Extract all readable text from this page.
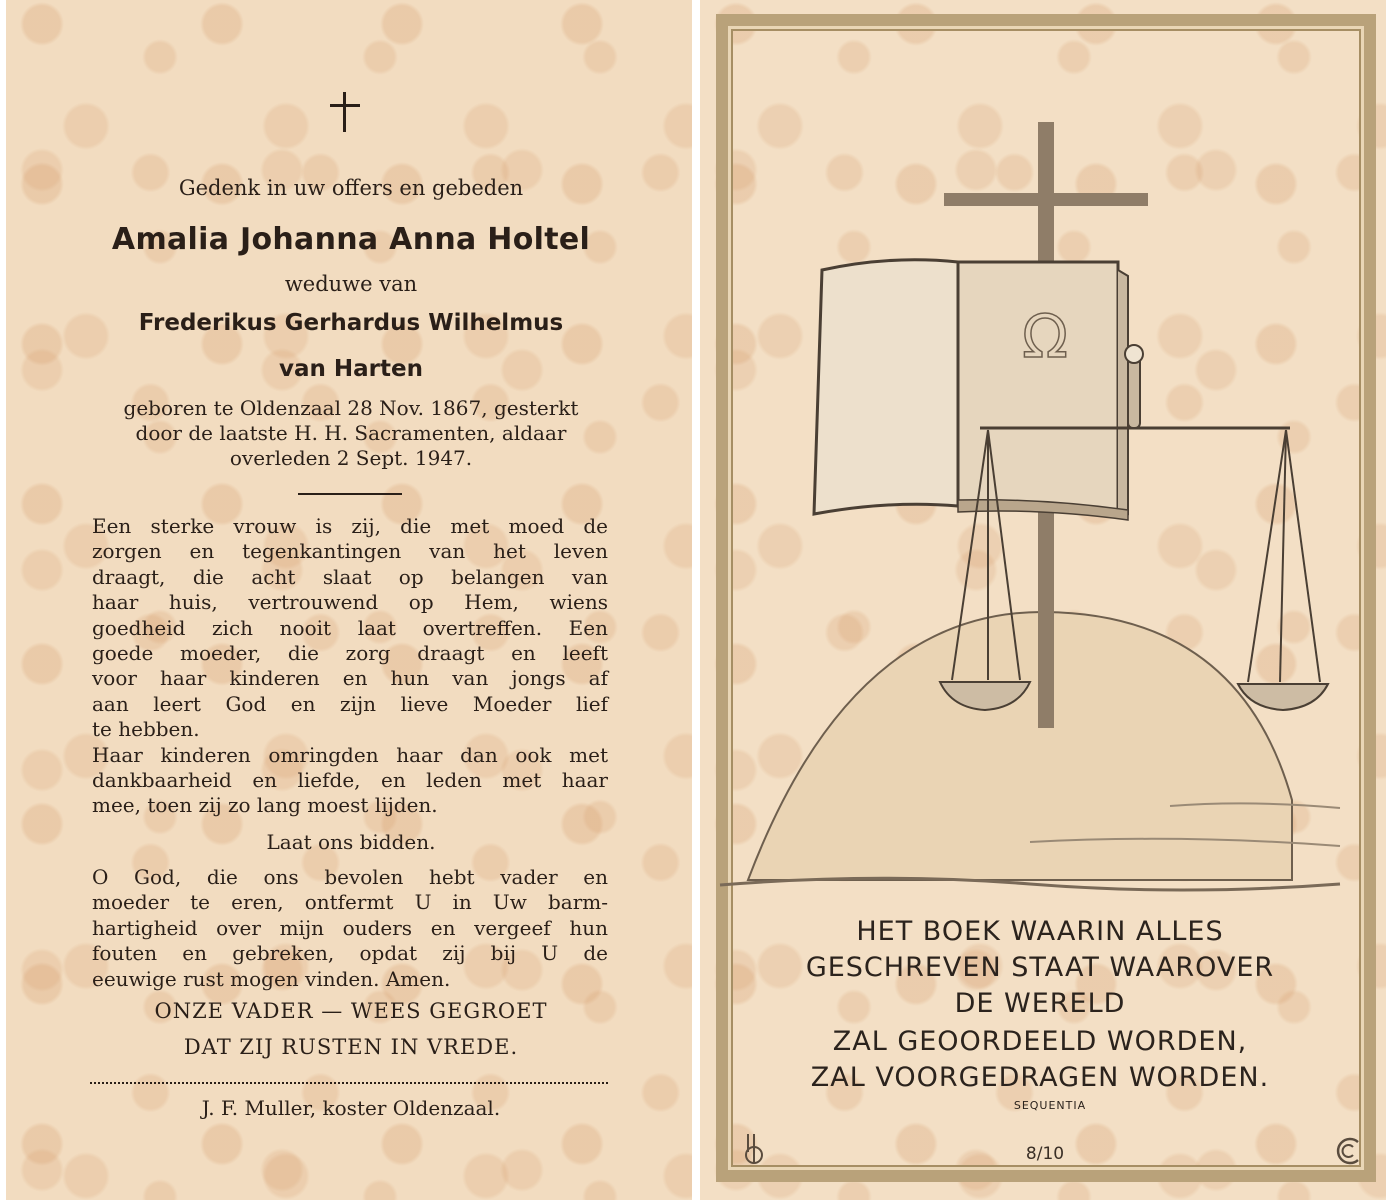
Gedenk in uw offers en gebeden
Amalia Johanna Anna Holtel
weduwe van
Frederikus Gerhardus Wilhelmus
van Harten
geboren te Oldenzaal 28 Nov. 1867, gesterkt
door de laatste H. H. Sacramenten, aldaar
overleden 2 Sept. 1947.

Een sterke vrouw is zij, die met moed de

zorgen en tegenkantingen van het leven

draagt, die acht slaat op belangen van

haar huis, vertrouwend op Hem, wiens

goedheid zich nooit laat overtreffen. Een

goede moeder, die zorg draagt en leeft

voor haar kinderen en hun van jongs af

aan leert God en zijn lieve Moeder lief

te hebben.

Haar kinderen omringden haar dan ook met

dankbaarheid en liefde, en leden met haar

mee, toen zij zo lang moest lijden.

Laat ons bidden.

O God, die ons bevolen hebt vader en

moeder te eren, ontfermt U in Uw barm-

hartigheid over mijn ouders en vergeef hun

fouten en gebreken, opdat zij bij U de

eeuwige rust mogen vinden. Amen.

ONZE VADER — WEES GEGROET
DAT ZIJ RUSTEN IN VREDE.
J. F. Muller, koster Oldenzaal.
Ω
HET BOEK WAARIN ALLES
GESCHREVEN STAAT WAAROVER
DE WERELD
ZAL GEOORDEELD WORDEN,
ZAL VOORGEDRAGEN WORDEN.
SEQUENTIA
8/10
